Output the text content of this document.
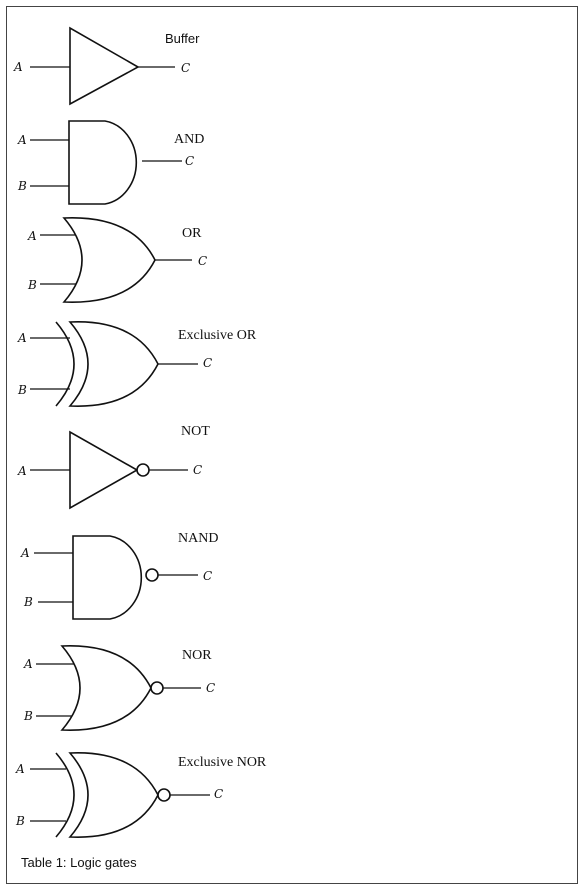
A	C
Buffer
A
B
C
AND
A
B
C
OR
A
B
C
Exclusive OR
A	C
NOT
A
B
C
NAND
A
B
C
NOR
A
B
C
Exclusive NOR
Table 1: Logic gates
